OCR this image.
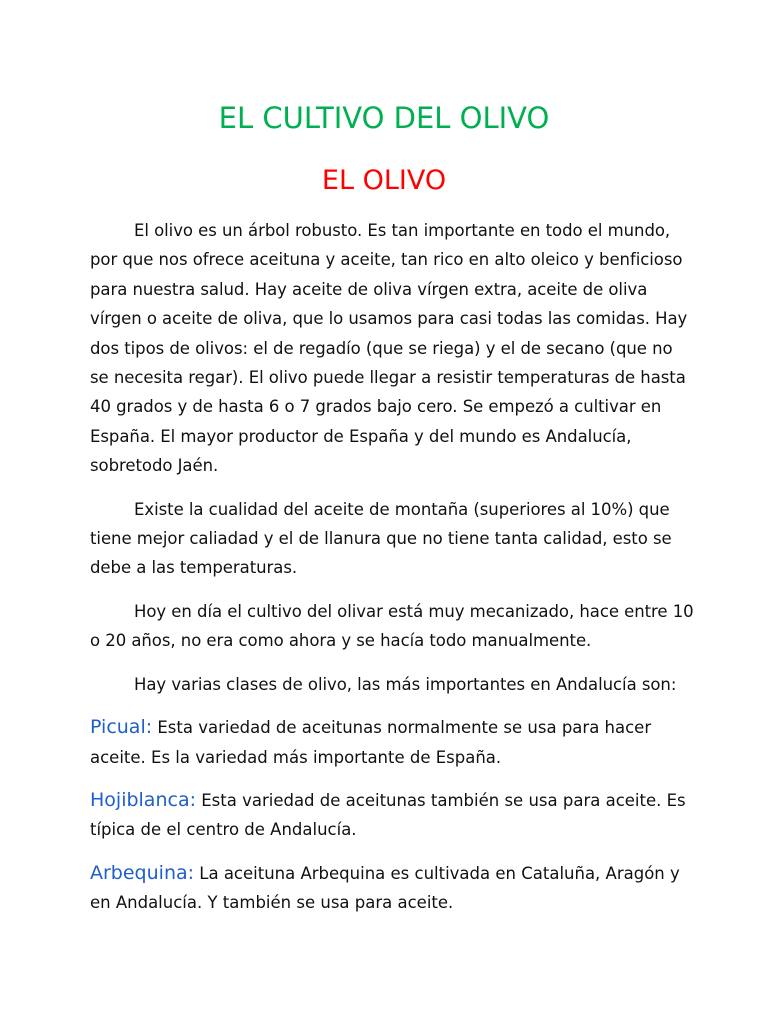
EL CULTIVO DEL OLIVO
EL OLIVO

El olivo es un árbol robusto. Es tan importante en todo el mundo, por que nos ofrece aceituna y aceite, tan rico en alto oleico y benficioso para nuestra salud. Hay aceite de oliva vírgen extra, aceite de oliva vírgen o aceite de oliva, que lo usamos para casi todas las comidas. Hay dos tipos de olivos: el de regadío (que se riega) y el de secano (que no se necesita regar). El olivo puede llegar a resistir temperaturas de hasta 40 grados y de hasta 6 o 7 grados bajo cero. Se empezó a cultivar en España. El mayor productor de España y del mundo es Andalucía, sobretodo Jaén.

Existe la cualidad del aceite de montaña (superiores al 10%) que tiene mejor caliadad y el de llanura que no tiene tanta calidad, esto se debe a las temperaturas.

Hoy en día el cultivo del olivar está muy mecanizado, hace entre 10 o 20 años, no era como ahora y se hacía todo manualmente.

Hay varias clases de olivo, las más importantes en Andalucía son:

Picual: Esta variedad de aceitunas normalmente se usa para hacer aceite. Es la variedad más importante de España.

Hojiblanca: Esta variedad de aceitunas también se usa para aceite. Es típica de el centro de Andalucía.

Arbequina: La aceituna Arbequina es cultivada en Cataluña, Aragón y en Andalucía. Y también se usa para aceite.
